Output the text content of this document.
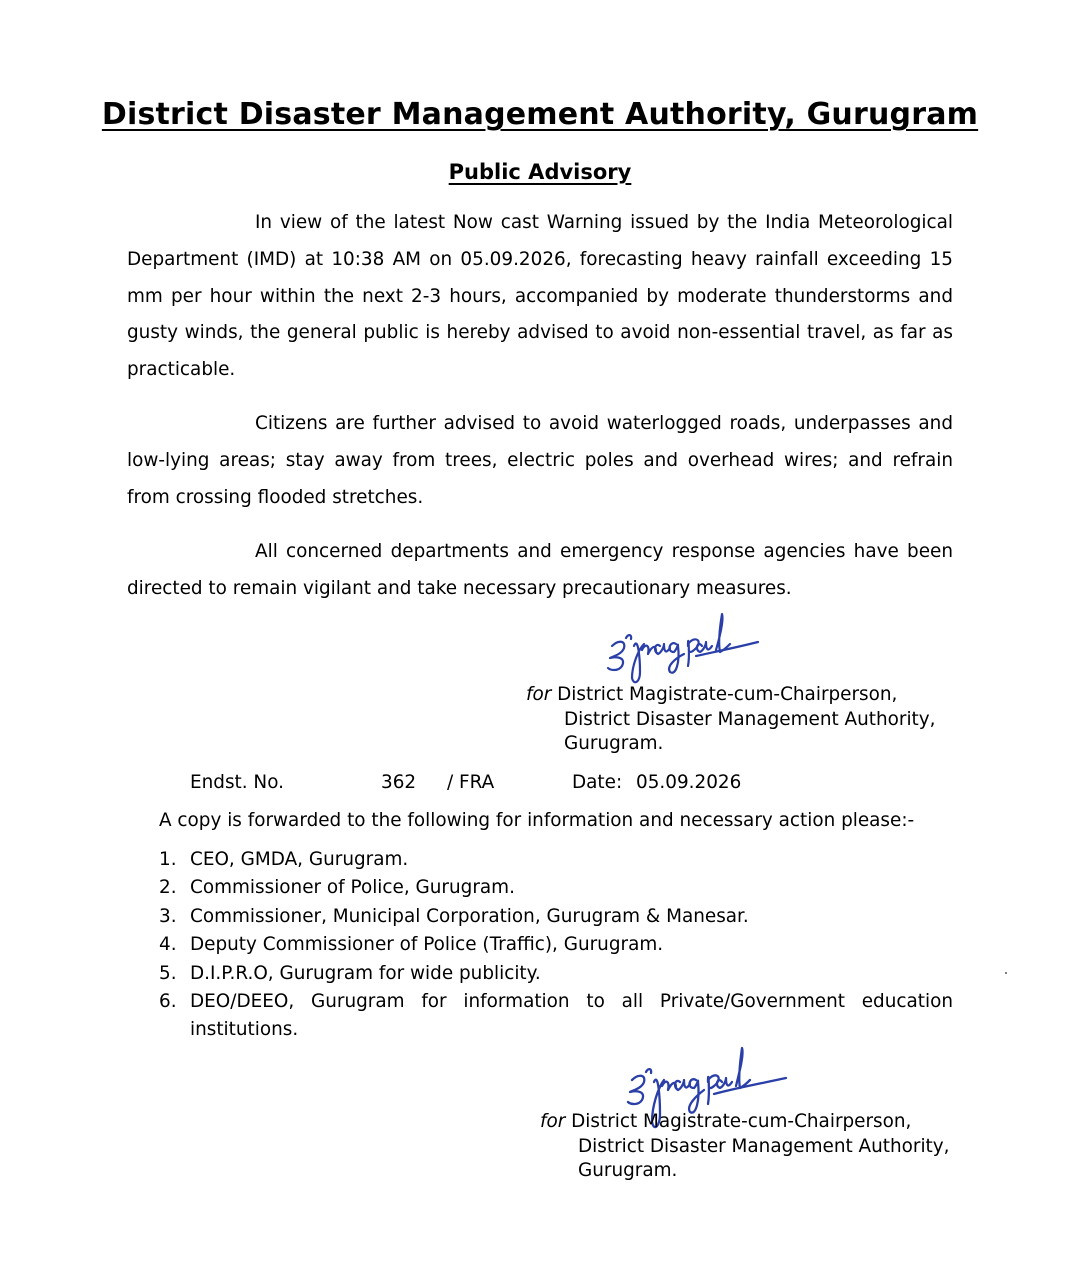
District Disaster Management Authority, Gurugram
Public Advisory

In view of the latest Now cast Warning issued by the India Meteorological Department (IMD) at 10:38 AM on 05.09.2026, forecasting heavy rainfall exceeding 15 mm per hour within the next 2-3 hours, accompanied by moderate thunderstorms and gusty winds, the general public is hereby advised to avoid non-essential travel, as far as practicable.

Citizens are further advised to avoid waterlogged roads, underpasses and low-lying areas; stay away from trees, electric poles and overhead wires; and refrain from crossing flooded stretches.

All concerned departments and emergency response agencies have been directed to remain vigilant and take necessary precautionary measures.

for District Magistrate-cum-Chairperson,
District Disaster Management Authority,
Gurugram.
Endst. No.	362 / FRA	Date: 05.09.2026
A copy is forwarded to the following for information and necessary action please:-
1. CEO, GMDA, Gurugram.
2. Commissioner of Police, Gurugram.
3. Commissioner, Municipal Corporation, Gurugram & Manesar.
4. Deputy Commissioner of Police (Traffic), Gurugram.
5. D.I.P.R.O, Gurugram for wide publicity.
6. DEO/DEEO, Gurugram for information to all Private/Government education
institutions.
for District Magistrate-cum-Chairperson,
District Disaster Management Authority,
Gurugram.
